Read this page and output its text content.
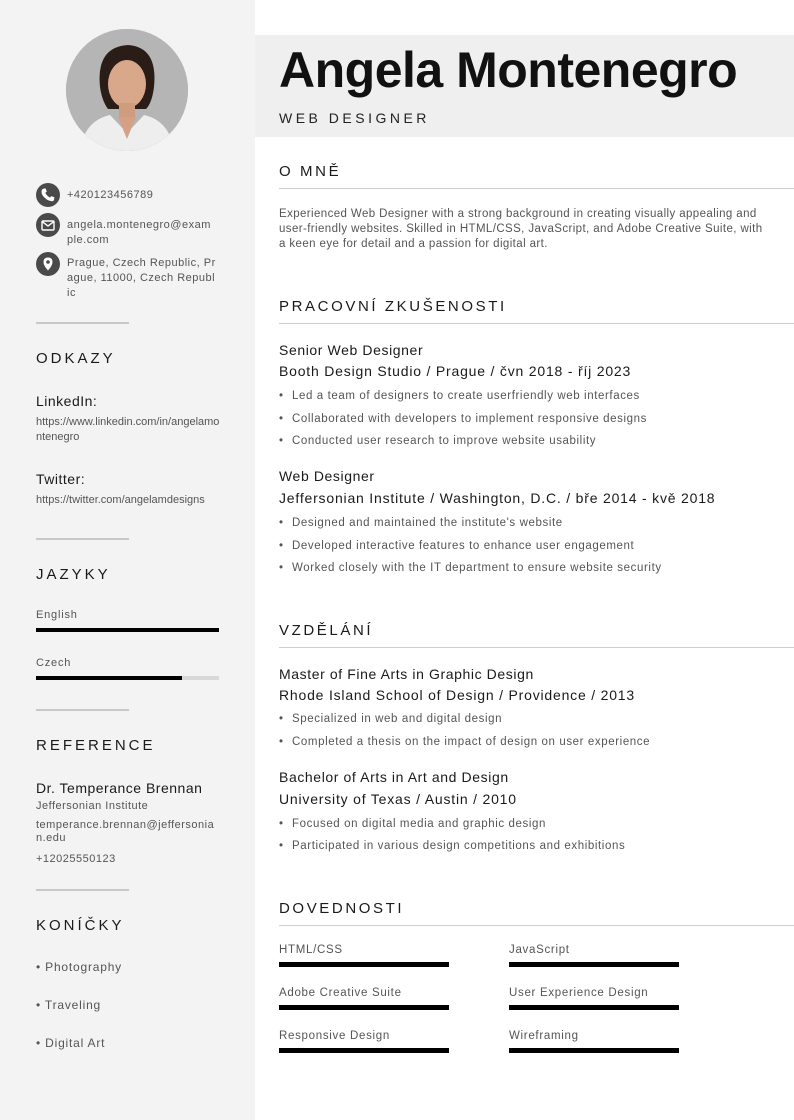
+420123456789
angela.montenegro@example.com
Prague, Czech Republic, Prague, 11000, Czech Republic
ODKAZY
LinkedIn:
https://www.linkedin.com/in/angelamontenegro
Twitter:
https://twitter.com/angelamdesigns
JAZYKY
English
Czech
REFERENCE
Dr. Temperance Brennan
Jeffersonian Institute
temperance.brennan@jeffersonian.edu
+12025550123
KONÍČKY
• Photography
• Traveling
• Digital Art
Angela Montenegro
WEB DESIGNER
O MNĚ
Experienced Web Designer with a strong background in creating visually appealing and user-friendly websites. Skilled in HTML/CSS, JavaScript, and Adobe Creative Suite, with a keen eye for detail and a passion for digital art.
PRACOVNÍ ZKUŠENOSTI
Senior Web Designer
Booth Design Studio / Prague / čvn 2018 - říj 2023
• Led a team of designers to create userfriendly web interfaces
• Collaborated with developers to implement responsive designs
• Conducted user research to improve website usability
Web Designer
Jeffersonian Institute / Washington, D.C. / bře 2014 - kvě 2018
• Designed and maintained the institute's website
• Developed interactive features to enhance user engagement
• Worked closely with the IT department to ensure website security
VZDĚLÁNÍ
Master of Fine Arts in Graphic Design
Rhode Island School of Design / Providence / 2013
• Specialized in web and digital design
• Completed a thesis on the impact of design on user experience
Bachelor of Arts in Art and Design
University of Texas / Austin / 2010
• Focused on digital media and graphic design
• Participated in various design competitions and exhibitions
DOVEDNOSTI
HTML/CSS	JavaScript
Adobe Creative Suite	User Experience Design
Responsive Design	Wireframing
